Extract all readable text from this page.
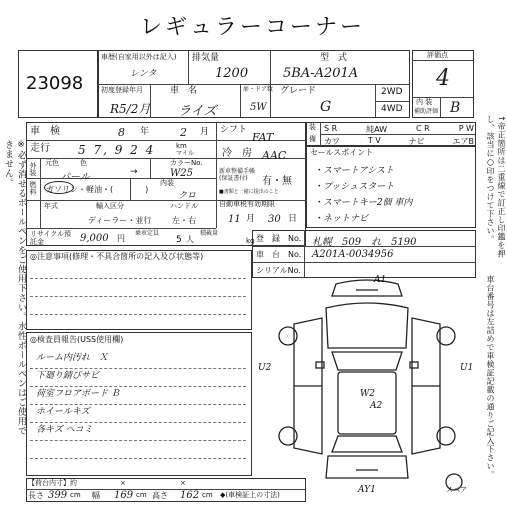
※必ず消せるボールペンをご使用下さい。水性ボールペンはご使用できません。	↑帝正箇所は二重線で訂正し印鑑を押し、該当に○印をつけて下さい。
車台番号は左詰めで車検証記載の通りご記入下さい。
レギュラーコーナー
23098
車歴(自家用以外は記入)
レンタ
排気量
1200
型　式
5BA-A201A
初度登録年月
R5/2月
車　名
ライズ
扉・ドア数
5W
グレード
G
2WD
4WD
評価点
4
内 装
補助評価 B
車　検	8 年	2 月
走行 5 7, 9 2 4	km
マイル
シフト
FAT
冷　房 AAC
外装 元色	色
パール	→
カラーNo.
W25
内装
クロ
燃料 ガソリン・軽油・(　　　　)
年式	輸入区分	ハンドル
ディーラー・並行	左・右
新車整備手帳(保証書付)	有・無
■書類と一緒に提出のこと
自動車税有効期限
11 月 30 日
リサイクル預託金	9,000 円
乗車定員
5 人
積載量
kg
装
備
S R	純AW	C R	P W
カワ	T V	ナビ	エアB
セールスポイント
・スマートアシスト
・プッシュスタート
・スマートキー2個 車内
・ネットナビ
登　録　No. 札幌　509　れ　5190
車　台　No. A201A-0034956
シリアルNo.
◎注意事項(修理・不具合箇所の記入及び状態等)
◎検査員報告(USS使用欄)
ルーム内汚れ　Ｘ
下廻り錆びサビ
荷室フロアボード Ｂ
ホイールキズ
各キズ ヘコミ
A1
U2	U1
W2
A2
AY1	スペア
【荷台内寸】約	×	×
長さ 399 cm 幅 169 cm 高さ 162 cm ◆(車検証上の寸法)
